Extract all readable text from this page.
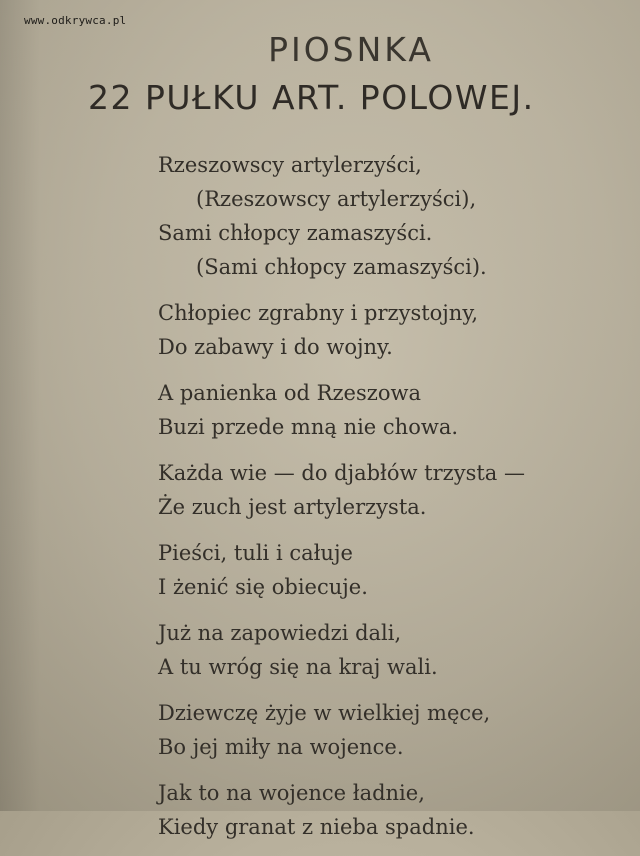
www.odkrywca.pl
PIOSNKA
22 PUŁKU ART. POLOWEJ.
Rzeszowscy artylerzyści,
(Rzeszowscy artylerzyści),
Sami chłopcy zamaszyści.
(Sami chłopcy zamaszyści).
Chłopiec zgrabny i przystojny,
Do zabawy i do wojny.
A panienka od Rzeszowa
Buzi przede mną nie chowa.
Każda wie — do djabłów trzysta —
Że zuch jest artylerzysta.
Pieści, tuli i całuje
I żenić się obiecuje.
Już na zapowiedzi dali,
A tu wróg się na kraj wali.
Dziewczę żyje w wielkiej męce,
Bo jej miły na wojence.
Jak to na wojence ładnie,
Kiedy granat z nieba spadnie.
